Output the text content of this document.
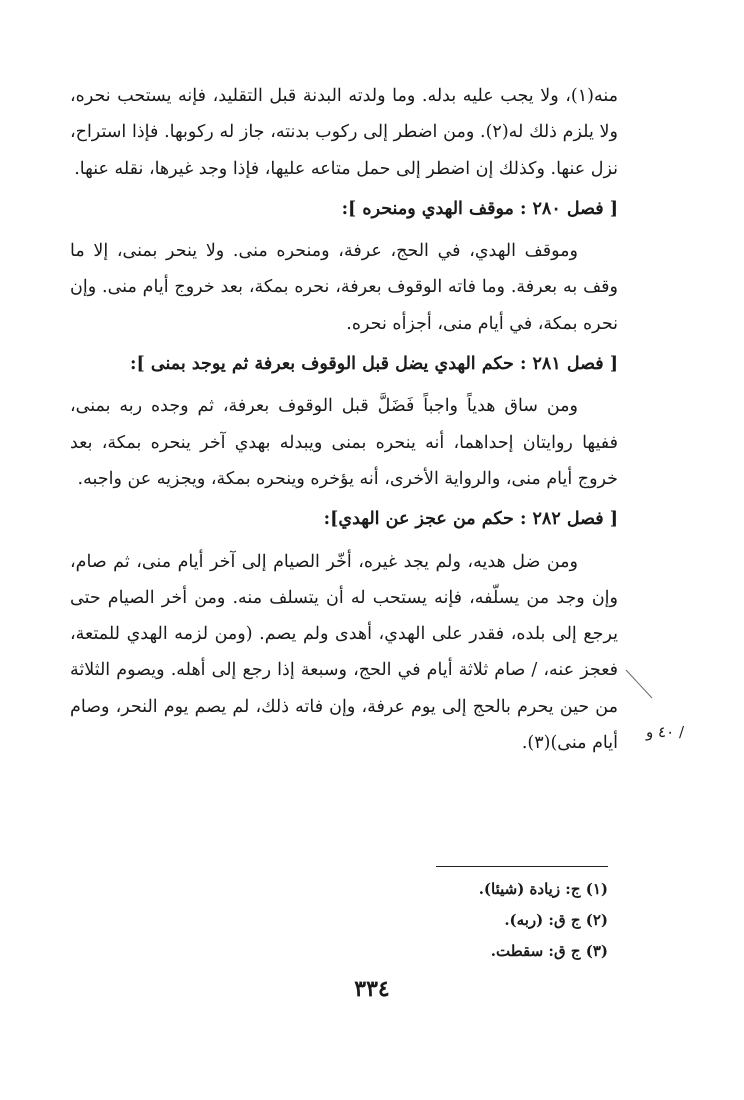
منه(١)، ولا يجب عليه بدله. وما ولدته البدنة قبل التقليد، فإنه يستحب نحره، ولا يلزم ذلك له(٢). ومن اضطر إلى ركوب بدنته، جاز له ركوبها. فإذا استراح، نزل عنها. وكذلك إن اضطر إلى حمل متاعه عليها، فإذا وجد غيرها، نقله عنها.

[ فصل ٢٨٠ : موقف الهدي ومنحره ]:

وموقف الهدي، في الحج، عرفة، ومنحره منى. ولا ينحر بمنى، إلا ما وقف به بعرفة. وما فاته الوقوف بعرفة، نحره بمكة، بعد خروج أيام منى. وإن نحره بمكة، في أيام منى، أجزأه نحره.

[ فصل ٢٨١ : حكم الهدي يضل قبل الوقوف بعرفة ثم يوجد بمنى ]:

ومن ساق هدياً واجباً فَضَلَّ قبل الوقوف بعرفة، ثم وجده ربه بمنى، ففيها روايتان إحداهما، أنه ينحره بمنى ويبدله بهدي آخر ينحره بمكة، بعد خروج أيام منى، والرواية الأخرى، أنه يؤخره وينحره بمكة، ويجزيه عن واجبه.

[ فصل ٢٨٢ : حكم من عجز عن الهدي]:

ومن ضل هديه، ولم يجد غيره، أخّر الصيام إلى آخر أيام منى، ثم صام، وإن وجد من يسلّفه، فإنه يستحب له أن يتسلف منه. ومن أخر الصيام حتى يرجع إلى بلده، فقدر على الهدي، أهدى ولم يصم. (ومن لزمه الهدي للمتعة، فعجز عنه، / صام ثلاثة أيام في الحج، وسبعة إذا رجع إلى أهله. ويصوم الثلاثة من حين يحرم بالحج إلى يوم عرفة، وإن فاته ذلك، لم يصم يوم النحر، وصام أيام منى)(٣).

/ ٤٠ و
(١) ج: زيادة (شيئا).
(٢) ج ق: (ربه).
(٣) ج ق: سقطت.
٣٣٤
